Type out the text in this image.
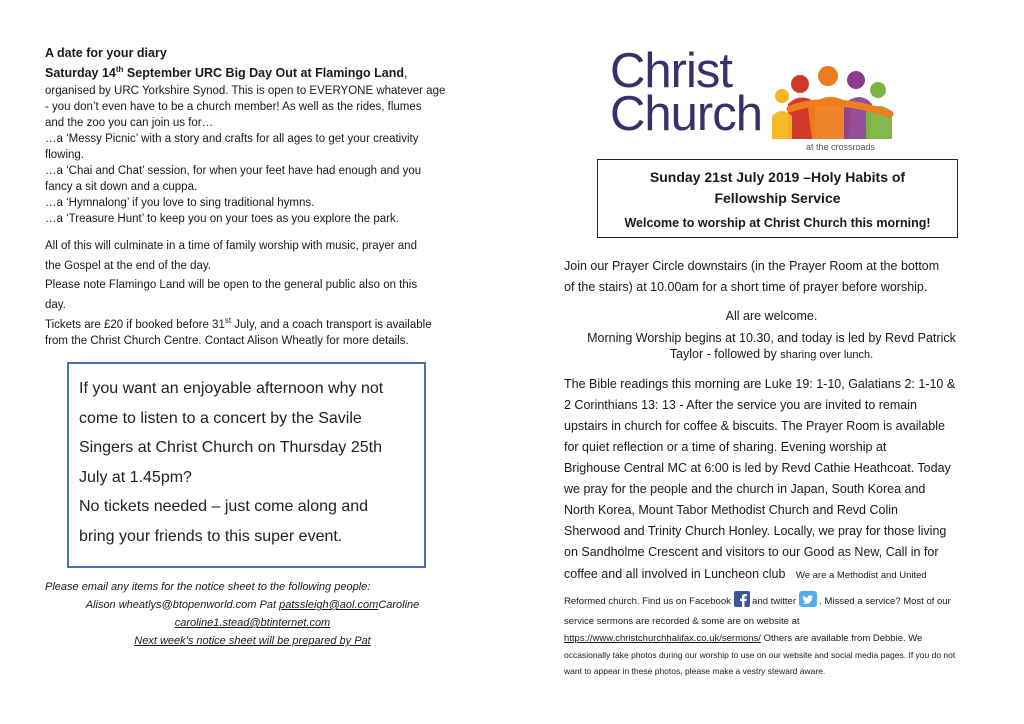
A date for your diary
Saturday 14th September URC Big Day Out at Flamingo Land,
organised by URC Yorkshire Synod. This is open to EVERYONE whatever age
- you don’t even have to be a church member! As well as the rides, flumes
and the zoo you can join us for…
…a ‘Messy Picnic’ with a story and crafts for all ages to get your creativity
flowing.
…a ‘Chai and Chat’ session, for when your feet have had enough and you
fancy a sit down and a cuppa.
…a ‘Hymnalong’ if you love to sing traditional hymns.
…a ‘Treasure Hunt’ to keep you on your toes as you explore the park.
All of this will culminate in a time of family worship with music, prayer and
the Gospel at the end of the day.
Please note Flamingo Land will be open to the general public also on this
day.
Tickets are £20 if booked before 31st July, and a coach transport is available
from the Christ Church Centre. Contact Alison Wheatly for more details.
If you want an enjoyable afternoon why not
come to listen to a concert by the Savile
Singers at Christ Church on Thursday 25th
July at 1.45pm?
No tickets needed – just come along and
bring your friends to this super event.
Please email any items for the notice sheet to the following people:
Alison wheatlys@btopenworld.com Pat patssleigh@aol.comCaroline
caroline1.stead@btinternet.com
Next week’s notice sheet will be prepared by Pat
Christ
Church
at the crossroads
Sunday 21st July 2019 –Holy Habits of
Fellowship Service
Welcome to worship at Christ Church this morning!
Join our Prayer Circle downstairs (in the Prayer Room at the bottom
of the stairs) at 10.00am for a short time of prayer before worship.
All are welcome.
Morning Worship begins at 10.30, and today is led by Revd Patrick
Taylor - followed by sharing over lunch.
The Bible readings this morning are Luke 19: 1-10, Galatians 2: 1-10 &
2 Corinthians 13: 13 - After the service you are invited to remain
upstairs in church for coffee & biscuits. The Prayer Room is available
for quiet reflection or a time of sharing. Evening worship at
Brighouse Central MC at 6:00 is led by Revd Cathie Heathcoat. Today
we pray for the people and the church in Japan, South Korea and
North Korea, Mount Tabor Methodist Church and Revd Colin
Sherwood and Trinity Church Honley. Locally, we pray for those living
on Sandholme Crescent and visitors to our Good as New, Call in for
coffee and all involved in Luncheon club We are a Methodist and United
Reformed church. Find us on Facebook and twitter . Missed a service? Most of our
service sermons are recorded & some are on website at
https://www.christchurchhalifax.co.uk/sermons/ Others are available from Debbie. We
occasionally take photos during our worship to use on our website and social media pages. If you do not
want to appear in these photos, please make a vestry steward aware.
